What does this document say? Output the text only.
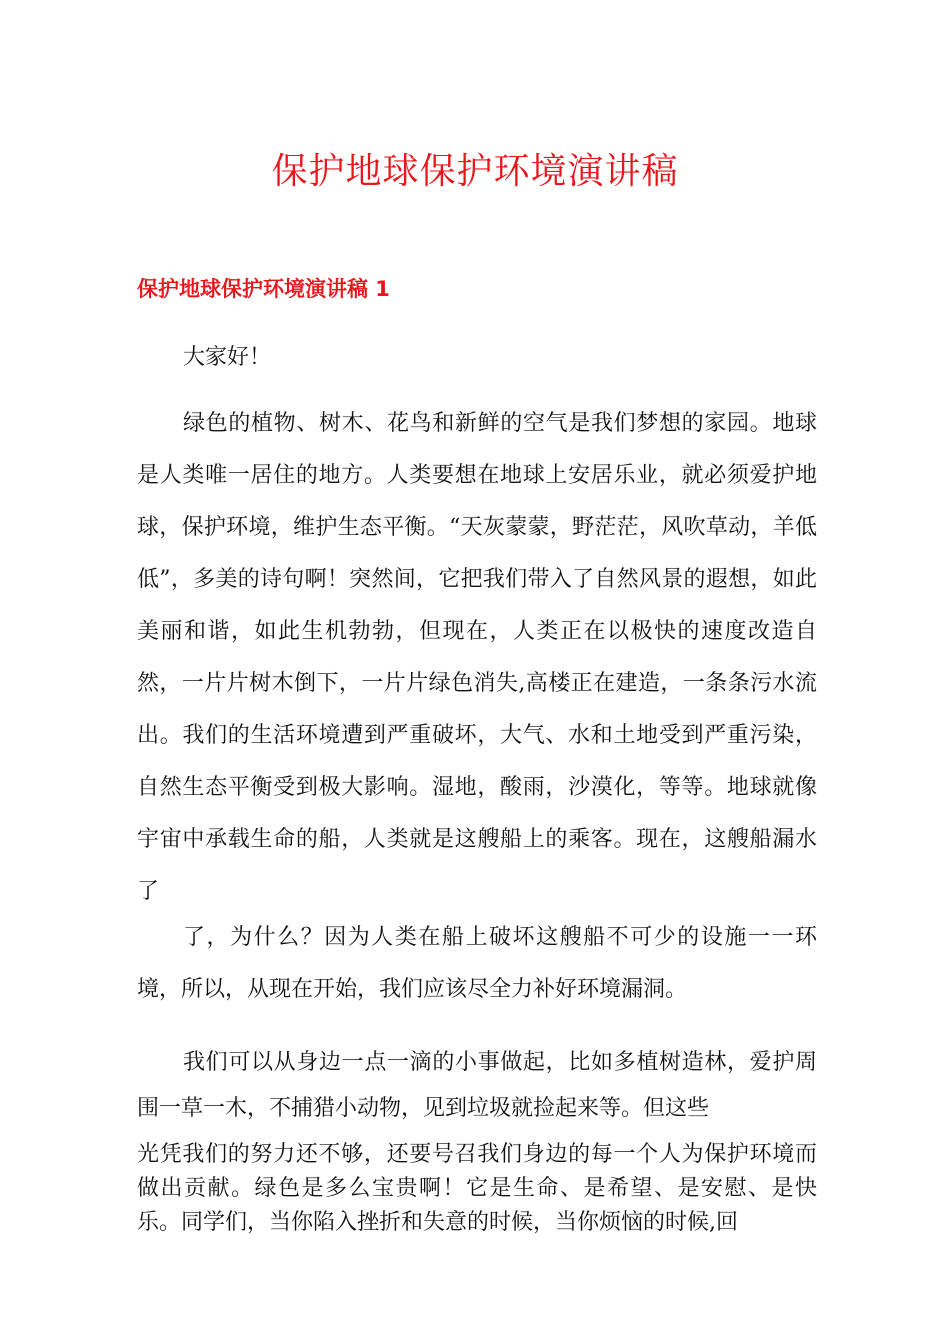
保护地球保护环境演讲稿
保护地球保护环境演讲稿 1

大家好！

绿色的植物、树木、花鸟和新鲜的空气是我们梦想的家园。地球是人类唯一居住的地方。人类要想在地球上安居乐业，就必须爱护地球，保护环境，维护生态平衡。“天灰蒙蒙，野茫茫，风吹草动，羊低低”，多美的诗句啊！突然间，它把我们带入了自然风景的遐想，如此美丽和谐，如此生机勃勃，但现在，人类正在以极快的速度改造自然，一片片树木倒下，一片片绿色消失,高楼正在建造，一条条污水流出。我们的生活环境遭到严重破坏，大气、水和土地受到严重污染，自然生态平衡受到极大影响。湿地，酸雨，沙漠化，等等。地球就像宇宙中承载生命的船，人类就是这艘船上的乘客。现在，这艘船漏水了

了，为什么？因为人类在船上破坏这艘船不可少的设施一一环境，所以，从现在开始，我们应该尽全力补好环境漏洞。

我们可以从身边一点一滴的小事做起，比如多植树造林，爱护周围一草一木，不捕猎小动物，见到垃圾就捡起来等。但这些

光凭我们的努力还不够，还要号召我们身边的每一个人为保护环境而做出贡献。绿色是多么宝贵啊！它是生命、是希望、是安慰、是快乐。同学们，当你陷入挫折和失意的时候，当你烦恼的时候,回
